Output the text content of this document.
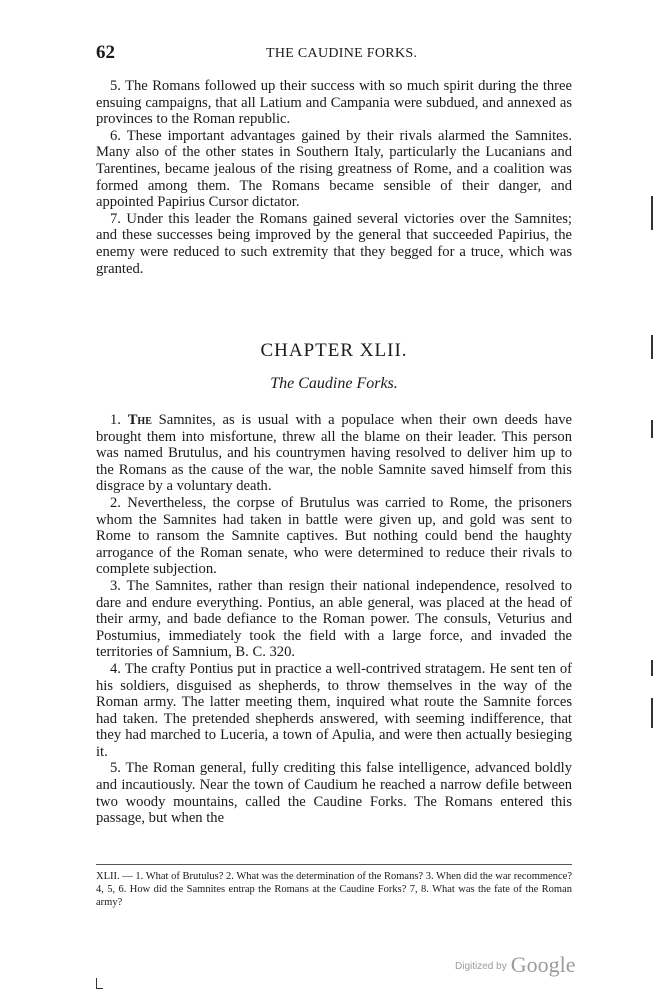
62	THE CAUDINE FORKS.

5. The Romans followed up their success with so much spirit during the three ensuing campaigns, that all Latium and Campania were subdued, and annexed as provinces to the Roman republic.

6. These important advantages gained by their rivals alarmed the Samnites. Many also of the other states in Southern Italy, particularly the Lucanians and Tarentines, became jealous of the rising greatness of Rome, and a coalition was formed among them. The Romans became sensible of their danger, and appointed Papirius Cursor dictator.

7. Under this leader the Romans gained several victories over the Samnites; and these successes being improved by the general that succeeded Papirius, the enemy were reduced to such extremity that they begged for a truce, which was granted.

CHAPTER XLII.
The Caudine Forks.

1. The Samnites, as is usual with a populace when their own deeds have brought them into misfortune, threw all the blame on their leader. This person was named Brutulus, and his countrymen having resolved to deliver him up to the Romans as the cause of the war, the noble Samnite saved himself from this disgrace by a voluntary death.

2. Nevertheless, the corpse of Brutulus was carried to Rome, the prisoners whom the Samnites had taken in battle were given up, and gold was sent to Rome to ransom the Samnite captives. But nothing could bend the haughty arrogance of the Roman senate, who were determined to reduce their rivals to complete subjection.

3. The Samnites, rather than resign their national independence, resolved to dare and endure everything. Pontius, an able general, was placed at the head of their army, and bade defiance to the Roman power. The consuls, Veturius and Postumius, immediately took the field with a large force, and invaded the territories of Samnium, B. C. 320.

4. The crafty Pontius put in practice a well-contrived stratagem. He sent ten of his soldiers, disguised as shepherds, to throw themselves in the way of the Roman army. The latter meeting them, inquired what route the Samnite forces had taken. The pretended shepherds answered, with seeming indifference, that they had marched to Luceria, a town of Apulia, and were then actually besieging it.

5. The Roman general, fully crediting this false intelligence, advanced boldly and incautiously. Near the town of Caudium he reached a narrow defile between two woody mountains, called the Caudine Forks. The Romans entered this passage, but when the

XLII. — 1. What of Brutulus? 2. What was the determination of the Romans? 3. When did the war recommence? 4, 5, 6. How did the Samnites entrap the Romans at the Caudine Forks? 7, 8. What was the fate of the Roman army?

Digitized by Google
